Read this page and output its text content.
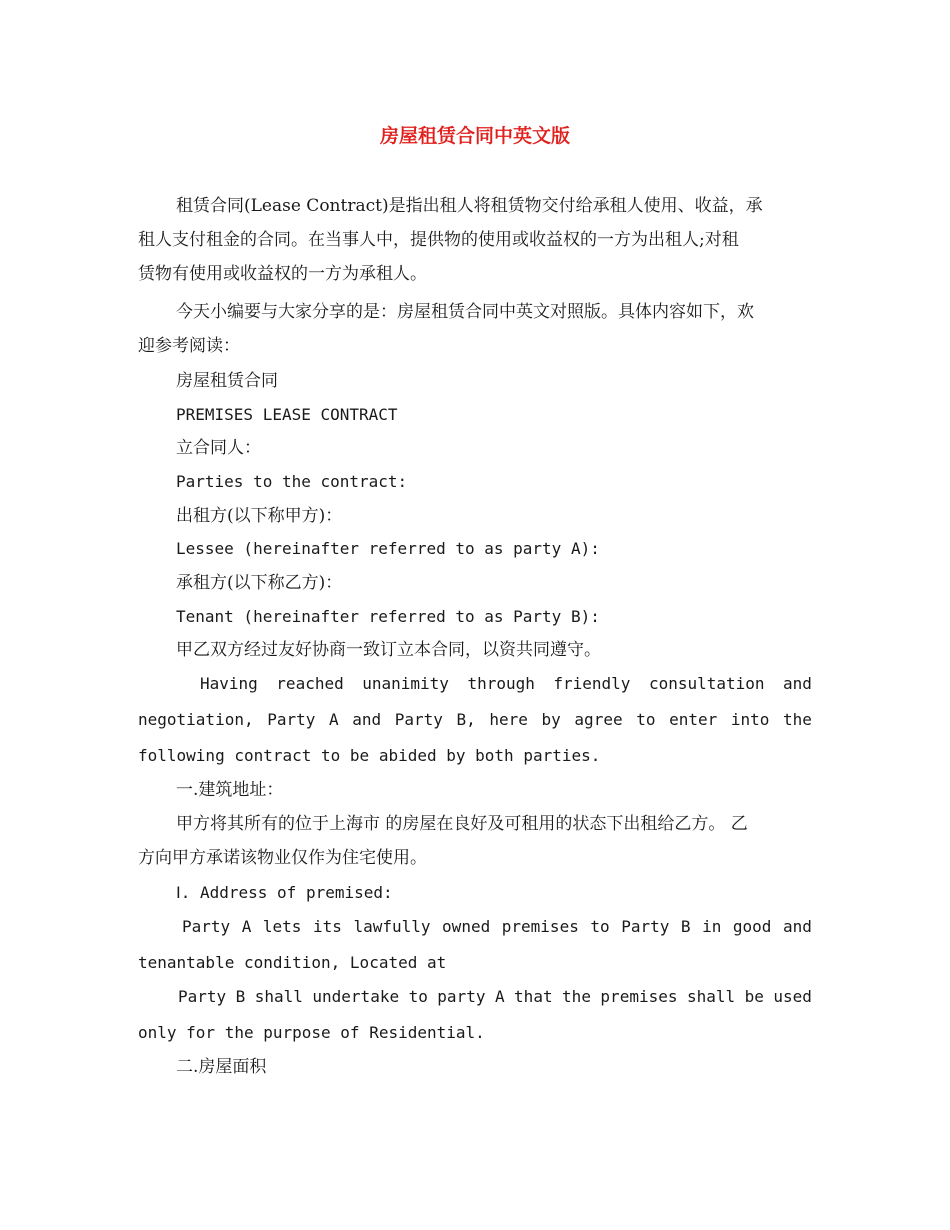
房屋租赁合同中英文版
租赁合同(Lease Contract)是指出租人将租赁物交付给承租人使用、收益，承
租人支付租金的合同。在当事人中，提供物的使用或收益权的一方为出租人;对租
赁物有使用或收益权的一方为承租人。
今天小编要与大家分享的是：房屋租赁合同中英文对照版。具体内容如下，欢
迎参考阅读：
房屋租赁合同
PREMISES LEASE CONTRACT
立合同人：
Parties to the contract:
出租方(以下称甲方)：
Lessee (hereinafter referred to as party A):
承租方(以下称乙方)：
Tenant (hereinafter referred to as Party B):
甲乙双方经过友好协商一致订立本合同，以资共同遵守。
Having reached unanimity through friendly consultation and
negotiation, Party A and Party B, here by agree to enter into the
following contract to be abided by both parties.
一.建筑地址：
甲方将其所有的位于上海市 的房屋在良好及可租用的状态下出租给乙方。 乙
方向甲方承诺该物业仅作为住宅使用。
Ⅰ. Address of premised:
Party A lets its lawfully owned premises to Party B in good and
tenantable condition, Located at
Party B shall undertake to party A that the premises shall be used
only for the purpose of Residential.
二.房屋面积
